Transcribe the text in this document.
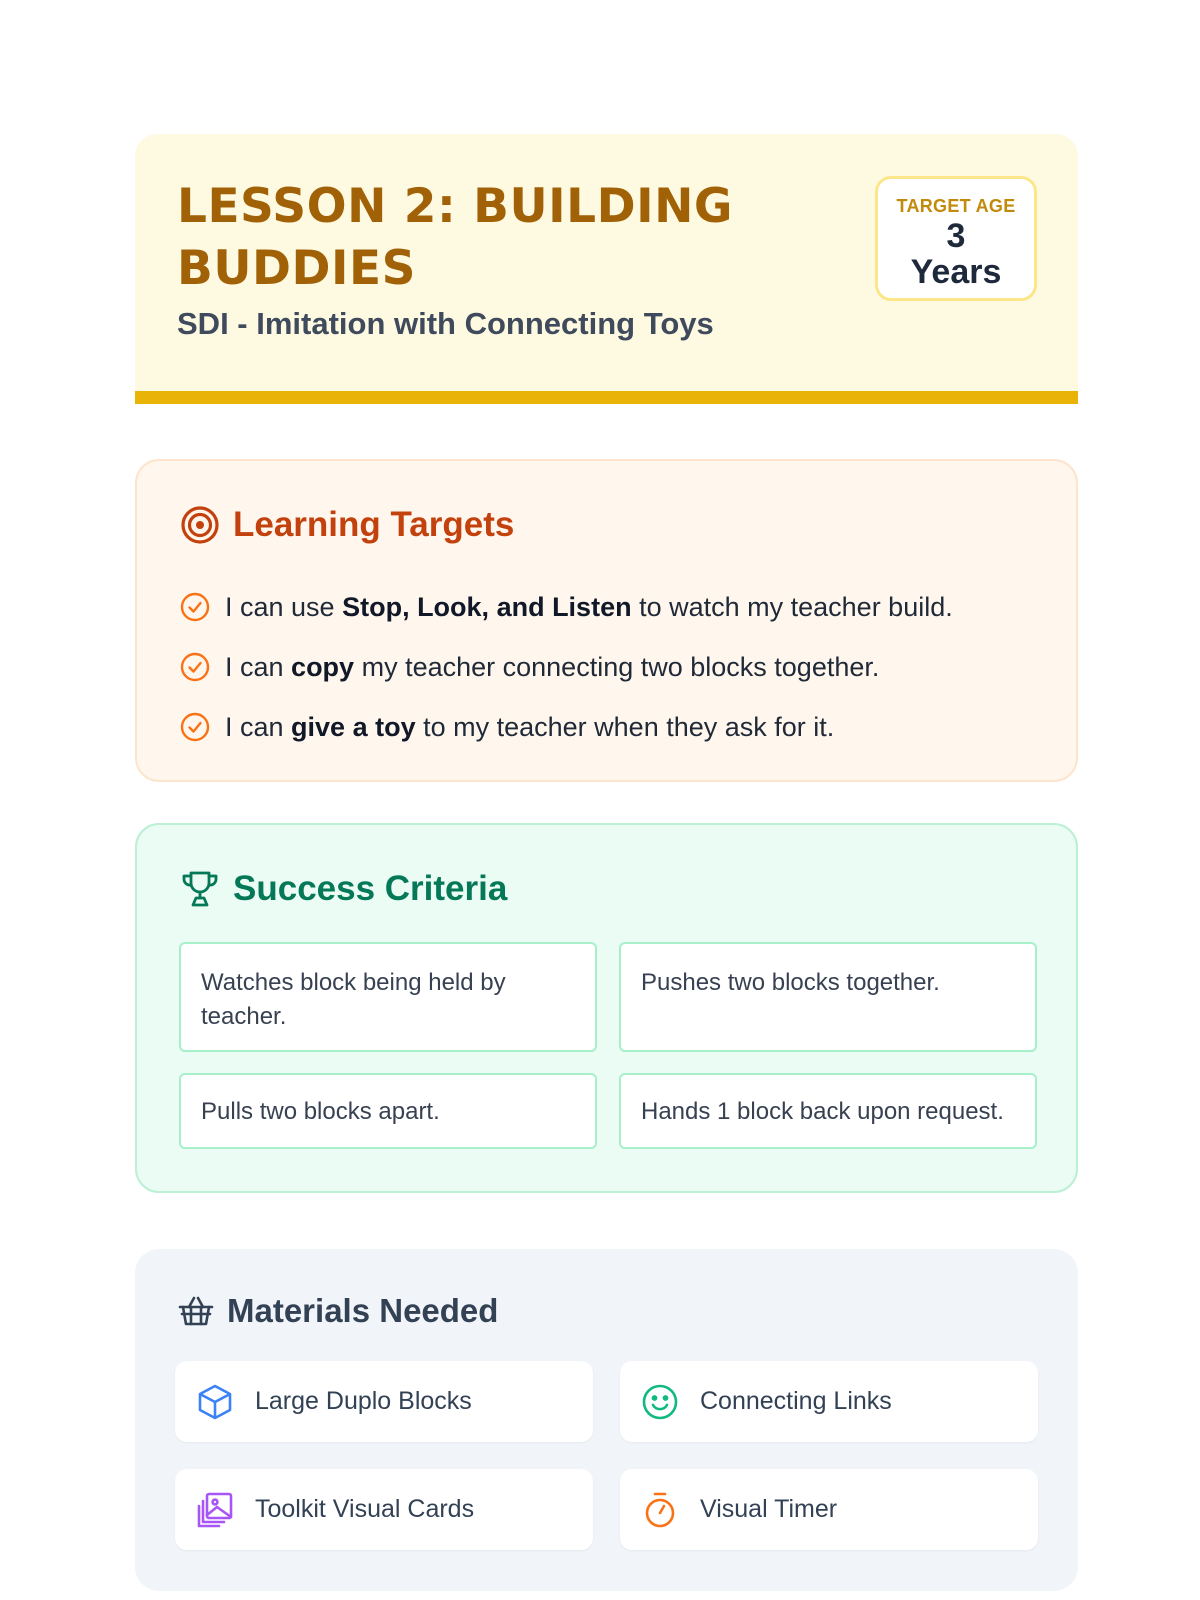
LESSON 2: BUILDING BUDDIES
SDI - Imitation with Connecting Toys
TARGET AGE
3 Years
Learning Targets
I can use Stop, Look, and Listen to watch my teacher build.
I can copy my teacher connecting two blocks together.
I can give a toy to my teacher when they ask for it.
Success Criteria
Watches block being held by teacher.
Pushes two blocks together.
Pulls two blocks apart.	Hands 1 block back upon request.
Materials Needed
Large Duplo Blocks	Connecting Links
Toolkit Visual Cards	Visual Timer
